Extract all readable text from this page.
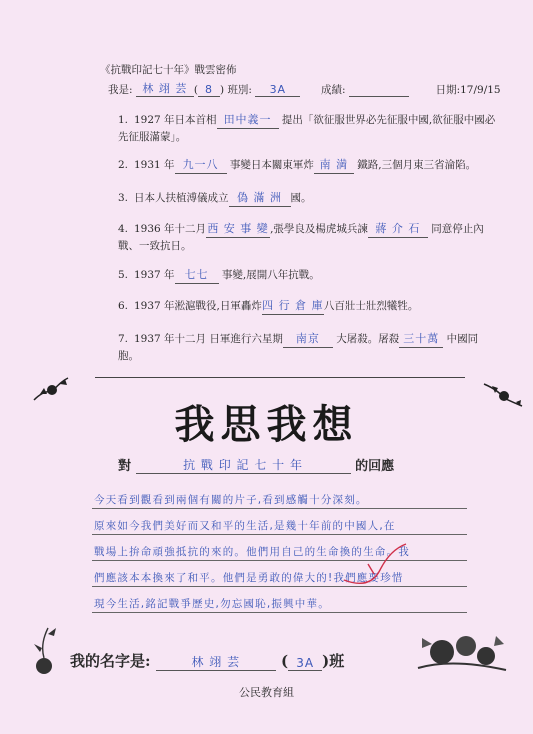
《抗戰印記七十年》戰雲密佈
我是: 林 翊 芸 ( 8 ) 班別: 3A	成績:	日期:17/9/15
1. 1927 年日本首相 田中義一 提出「欲征服世界必先征服中國,欲征服中國必先征服滿蒙」。
2. 1931 年 九一八 事變日本關東軍炸 南 満 鐵路,三個月東三省淪陷。
3. 日本人扶植溥儀成立 偽 滿 洲 國。
4. 1936 年十二月西 安 事 變,張學良及楊虎城兵諫 蔣 介 石 同意停止內戰、一致抗日。
5. 1937 年 七七 事變,展開八年抗戰。
6. 1937 年淞滬戰役,日軍轟炸四 行 倉 庫八百壯士壯烈犧牲。
7. 1937 年十二月 日軍進行六星期 南京 大屠殺。屠殺 三十萬 中國同胞。
我思我想
對	抗 戰 印 記 七 十 年	的回應
今天看到觀看到兩個有關的片子,看到感觸十分深刻。
原來如今我們美好而又和平的生活,是幾十年前的中國人,在
戰場上拚命頑強抵抗的來的。他們用自己的生命換的生命。我
們應該本本換來了和平。他們是勇敢的偉大的!我們應要珍惜
現今生活,銘記戰爭歷史,勿忘國恥,振興中華。
我的名字是:	林 翊 芸 ( 3A )班
公民教育組
